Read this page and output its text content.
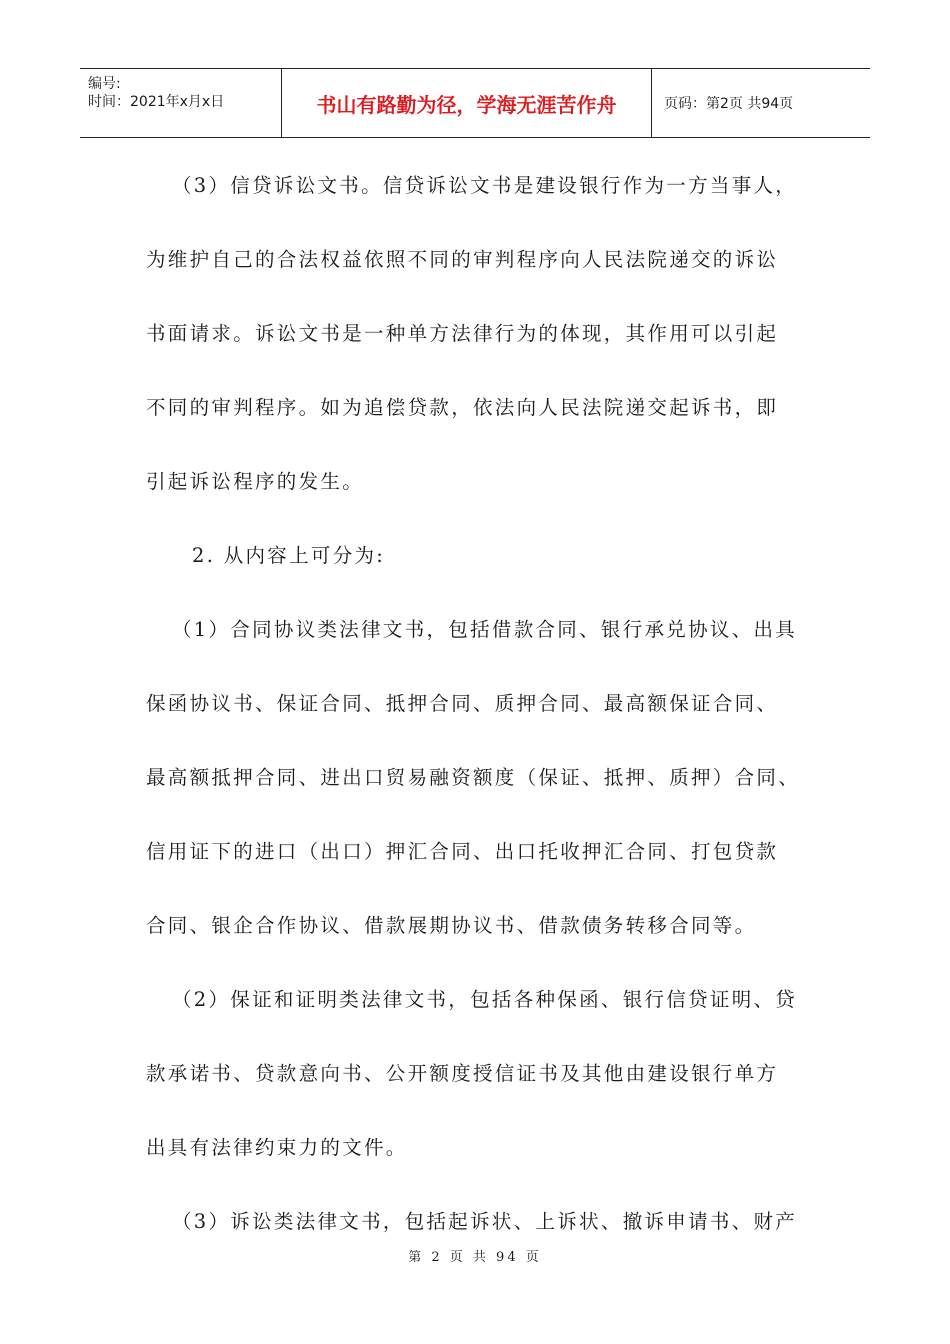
编号:
时间：2021年x月x日	书山有路勤为径，学海无涯苦作舟	页码：第2页 共94页
（3）信贷诉讼文书。信贷诉讼文书是建设银行作为一方当事人，
为维护自己的合法权益依照不同的审判程序向人民法院递交的诉讼
书面请求。诉讼文书是一种单方法律行为的体现，其作用可以引起
不同的审判程序。如为追偿贷款，依法向人民法院递交起诉书，即
引起诉讼程序的发生。
2. 从内容上可分为:
（1）合同协议类法律文书，包括借款合同、银行承兑协议、出具
保函协议书、保证合同、抵押合同、质押合同、最高额保证合同、
最高额抵押合同、进出口贸易融资额度（保证、抵押、质押）合同、
信用证下的进口（出口）押汇合同、出口托收押汇合同、打包贷款
合同、银企合作协议、借款展期协议书、借款债务转移合同等。
（2）保证和证明类法律文书，包括各种保函、银行信贷证明、贷
款承诺书、贷款意向书、公开额度授信证书及其他由建设银行单方
出具有法律约束力的文件。
（3）诉讼类法律文书，包括起诉状、上诉状、撤诉申请书、财产
第 2 页 共 94 页
